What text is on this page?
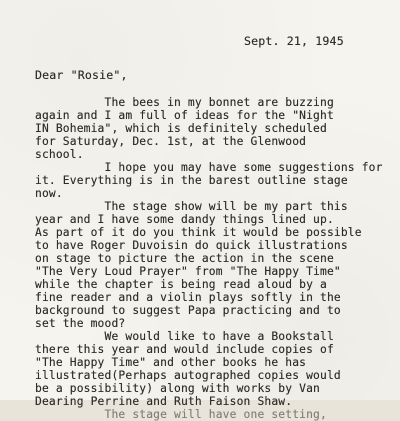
Sept. 21, 1945
Dear "Rosie",
The bees in my bonnet are buzzing
again and I am full of ideas for the "Night
IN Bohemia", which is definitely scheduled
for Saturday, Dec. 1st, at the Glenwood
school.
I hope you may have some suggestions for
it. Everything is in the barest outline stage
now.
The stage show will be my part this
year and I have some dandy things lined up.
As part of it do you think it would be possible
to have Roger Duvoisin do quick illustrations
on stage to picture the action in the scene
"The Very Loud Prayer" from "The Happy Time"
while the chapter is being read aloud by a
fine reader and a violin plays softly in the
background to suggest Papa practicing and to
set the mood?
We would like to have a Bookstall
there this year and would include copies of
"The Happy Time" and other books he has
illustrated(Perhaps autographed copies would
be a possibility) along with works by Van
Dearing Perrine and Ruth Faison Shaw.
The stage will have one setting,
